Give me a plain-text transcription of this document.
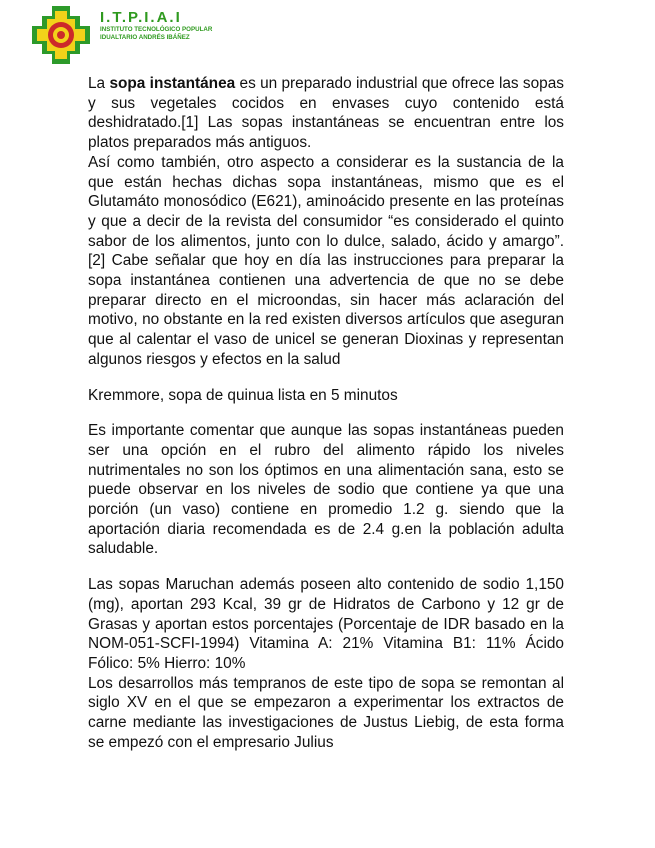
I.T.P.I.A.I
INSTITUTO TECNOLÓGICO POPULAR
IDUALTARIO ANDRÉS IBÁÑEZ

La sopa instantánea es un preparado industrial que ofrece las sopas y sus vegetales cocidos en envases cuyo contenido está deshidratado.[1] Las sopas instantáneas se encuentran entre los platos preparados más antiguos.

Así como también, otro aspecto a considerar es la sustancia de la que están hechas dichas sopa instantáneas, mismo que es el Glutamáto monosódico (E621), aminoácido presente en las proteínas y que a decir de la revista del consumidor “es considerado el quinto sabor de los alimentos, junto con lo dulce, salado, ácido y amargo”.[2] Cabe señalar que hoy en día las instrucciones para preparar la sopa instantánea contienen una advertencia de que no se debe preparar directo en el microondas, sin hacer más aclaración del motivo, no obstante en la red existen diversos artículos que aseguran que al calentar el vaso de unicel se generan Dioxinas y representan algunos riesgos y efectos en la salud

Kremmore, sopa de quinua lista en 5 minutos

Es importante comentar que aunque las sopas instantáneas pueden ser una opción en el rubro del alimento rápido los niveles nutrimentales no son los óptimos en una alimentación sana, esto se puede observar en los niveles de sodio que contiene ya que una porción (un vaso) contiene en promedio 1.2 g. siendo que la aportación diaria recomendada es de 2.4 g.en la población adulta saludable.

Las sopas Maruchan además poseen alto contenido de sodio 1,150 (mg), aportan 293 Kcal, 39 gr de Hidratos de Carbono y 12 gr de Grasas y aportan estos porcentajes (Porcentaje de IDR basado en la NOM-051-SCFI-1994) Vitamina A: 21% Vitamina B1: 11% Ácido Fólico: 5% Hierro: 10%

Los desarrollos más tempranos de este tipo de sopa se remontan al siglo XV en el que se empezaron a experimentar los extractos de carne mediante las investigaciones de Justus Liebig, de esta forma se empezó con el empresario Julius
